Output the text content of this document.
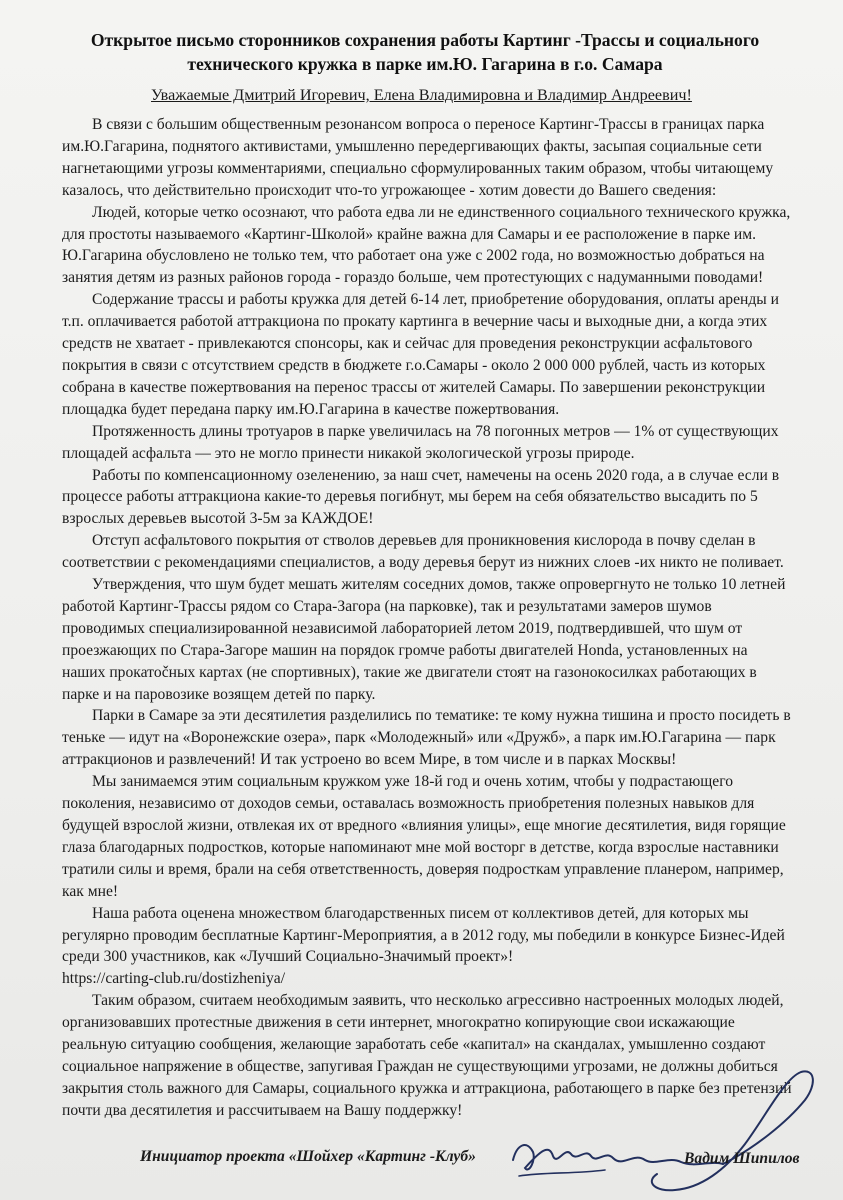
Открытое письмо сторонников сохранения работы Картинг -Трассы и социального
технического кружка в парке им.Ю. Гагарина в г.о. Самара
Уважаемые Дмитрий Игоревич, Елена Владимировна и Владимир Андреевич!

В связи с большим общественным резонансом вопроса о переносе Картинг-Трассы в границах парка им.Ю.Гагарина, поднятого активистами, умышленно передергивающих факты, засыпая социальные сети нагнетающими угрозы комментариями, специально сформулированных таким образом, чтобы читающему казалось, что действительно происходит что-то угрожающее - хотим довести до Вашего сведения:

Людей, которые четко осознают, что работа едва ли не единственного социального технического кружка, для простоты называемого «Картинг-Школой» крайне важна для Самары и ее расположение в парке им. Ю.Гагарина обусловлено не только тем, что работает она уже с 2002 года, но возможностью добраться на занятия детям из разных районов города - гораздо больше, чем протестующих с надуманными поводами!

Содержание трассы и работы кружка для детей 6-14 лет, приобретение оборудования, оплаты аренды и т.п. оплачивается работой аттракциона по прокату картинга в вечерние часы и выходные дни, а когда этих средств не хватает - привлекаются спонсоры, как и сейчас для проведения реконструкции асфальтового покрытия в связи с отсутствием средств в бюджете г.о.Самары - около 2 000 000 рублей, часть из которых собрана в качестве пожертвования на перенос трассы от жителей Самары. По завершении реконструкции площадка будет передана парку им.Ю.Гагарина в качестве пожертвования.

Протяженность длины тротуаров в парке увеличилась на 78 погонных метров — 1% от существующих площадей асфальта — это не могло принести никакой экологической угрозы природе.

Работы по компенсационному озеленению, за наш счет, намечены на осень 2020 года, а в случае если в процессе работы аттракциона какие-то деревья погибнут, мы берем на себя обязательство высадить по 5 взрослых деревьев высотой 3-5м за КАЖДОЕ!

Отступ асфальтового покрытия от стволов деревьев для проникновения кислорода в почву сделан в соответствии с рекомендациями специалистов, а воду деревья берут из нижних слоев -их никто не поливает.

Утверждения, что шум будет мешать жителям соседних домов, также опровергнуто не только 10 летней работой Картинг-Трассы рядом со Стара-Загора (на парковке), так и результатами замеров шумов проводимых специализированной независимой лабораторией летом 2019, подтвердившей, что шум от проезжающих по Стара-Загоре машин на порядок громче работы двигателей Honda, установленных на наших прокатočных картах (не спортивных), такие же двигатели стоят на газонокосилках работающих в парке и на паровозике возящем детей по парку.

Парки в Самаре за эти десятилетия разделились по тематике: те кому нужна тишина и просто посидеть в теньке — идут на «Воронежские озера», парк «Молодежный» или «Дружб», а парк им.Ю.Гагарина — парк аттракционов и развлечений! И так устроено во всем Мире, в том числе и в парках Москвы!

Мы занимаемся этим социальным кружком уже 18-й год и очень хотим, чтобы у подрастающего поколения, независимо от доходов семьи, оставалась возможность приобретения полезных навыков для будущей взрослой жизни, отвлекая их от вредного «влияния улицы», еще многие десятилетия, видя горящие глаза благодарных подростков, которые напоминают мне мой восторг в детстве, когда взрослые наставники тратили силы и время, брали на себя ответственность, доверяя подросткам управление планером, например, как мне!

Наша работа оценена множеством благодарственных писем от коллективов детей, для которых мы регулярно проводим бесплатные Картинг-Мероприятия, а в 2012 году, мы победили в конкурсе Бизнес-Идей среди 300 участников, как «Лучший Социально-Значимый проект»!

https://carting-club.ru/dostizheniya/

Таким образом, считаем необходимым заявить, что несколько агрессивно настроенных молодых людей, организовавших протестные движения в сети интернет, многократно копирующие свои искажающие реальную ситуацию сообщения, желающие заработать себе «капитал» на скандалах, умышленно создают социальное напряжение в обществе, запугивая Граждан не существующими угрозами, не должны добиться закрытия столь важного для Самары, социального кружка и аттракциона, работающего в парке без претензий почти два десятилетия и рассчитываем на Вашу поддержку!

Инициатор проекта «Шойхер «Картинг -Клуб»	Вадим Шипилов
